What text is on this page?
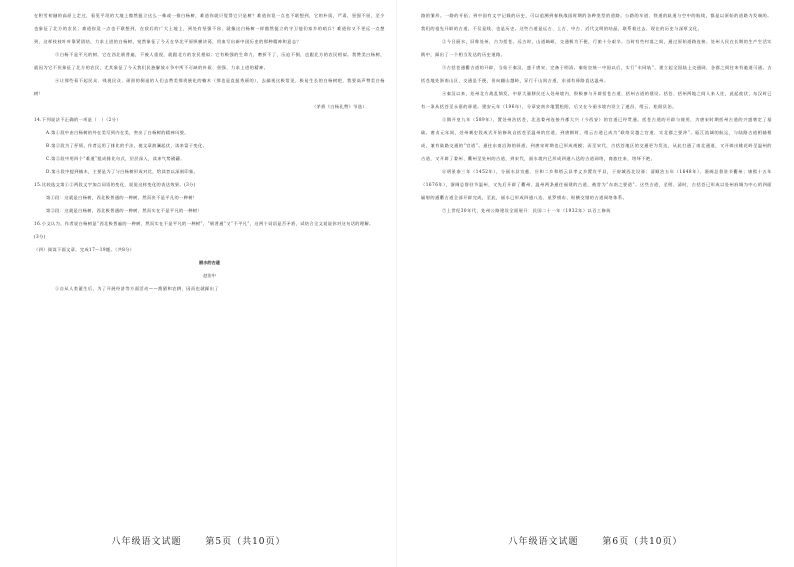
在积雪初融的高原上走过，看见平坦的大地上傲然挺立这么一株或一排白杨树，难道你就只觉得它只是树？难道你竟一点也不联想到，它的朴质，严肃，坚强不屈，至少也象征了北方的农民；难道你竟一点也不联想到，在敌后的广大土地上，到处有坚强不屈，就像这白杨树一样傲然挺立的守卫他们家乡的哨兵？难道你又不更远一点想到，这样枝枝叶叶靠紧团结，力求上进的白杨树，宛然象征了今天在华北平原纵横决荡，用血写出新中国历史的那种精神和意志？

③白杨不是平凡的树。它在西北极普遍，不被人重视，就跟北方的农民相似；它有极强的生命力，磨折不了，压迫不倒，也跟北方的农民相似。我赞美白杨树，就因为它不但象征了北方的农民，尤其象征了今天我们民族解放斗争中所不可缺的朴质、坚强、力求上进的精神。

④让那些看不起民众、贱视民众、顽固的倒退的人们去赞美那贵族化的楠木（那也是直挺秀颀的），去鄙视这极常见、极易生长的白杨树吧，我要高声赞美白杨树！

（茅盾《白杨礼赞》节选）
14.下列说法不正确的一项是（　）（2分）
A.第①段中由白杨树的外在美写到内在美，突出了白杨树的精神风貌。
B.第②段为了抒情，作者运用了排比的手法，使文章波澜起伏，读来富于变化。
C.第②段中用四个“难道”组成排比句式，层层深入，读来气势磅礴。
D.第④段中提到楠木，主要是为了与白杨树形成对比，给读者以深刻印象。
15.比较选文第①②两段文字加点词语的变化，说说这样变化的表达效果。(3分)
第①段：这就是白杨树，西北极普通的一种树，然而决不是平凡的一种树！
第②段：这就是白杨树，西北极普通的一种树，然而实在不是平凡的一种树！
16.小文认为，作者说白杨树是“西北极普遍的一种树，然而实在不是平凡的一种树”，“极普通”又“不平凡”，这两个词语是否矛盾，试结合全文说说你对这句话的理解。
(3分)
（四）阅读下面文章，完成17～19题。（共8分）
丽水的古道
赵治中

①自从人类诞生后，为了开展经济等方面活动——渔猎和农耕，因而也就踩出了

八年级语文试题	第5页（共10页）

路的雏形。一路的开拓，到中国有文字记载的历史，可以追溯到春秋战国时期的各种类型的道路。公路的车道、铁道的轨道与空中的航线，都是以原始的道路为发端的。我们的祖先开辟的古道，不仅是线、也是历史。这些古道是远古、上古、中古、近代文明的结晶，联系着过去、现在的历史与深厚文化。

②今日丽水，旧称处州，古为括苍。远古时，山道崎岖，交通极为不便，行旅十分艰辛。当时有些村落之间，通过原始道路连接。处州人民在长期的生产生活实践中，踩出了一个相当发达的历史道路。

③古括苍通衢古道的开辟，当始于秦汉，盛于唐宋，完备于明清。秦始皇统一中国以后，实行“车同轨”，建立起全国陆上交通网，各郡之间往来有驰道可通。古括苍地处浙南山区，交通虽不便，但向翻山越岭，穿行于山间古道，东部有驿路直达温州。

④秦汉以来，处州北方战乱频发，中原大量移民迁入处州境内，积极参与开辟括苍古道、括州古道的建设。括苍、括州两地之间人来人往，此起彼伏，东汉时已有一条从括苍至永嘉的驿道。建安元年（196年），分章安南乡地置松阳，后又在今丽水境内设立了遂昌、缙云、松阳县治。

⑤隋开皇九年（589年），置处州治括苍，北达婺州连接丹郡大兴（今西安）的官道已经贯通。括苍古道的开辟与使用，为唐宋时期括州古道的兴盛奠定了基础。唐贞元年间，处州刺史段成式开始修筑自括苍至温州的官道，到唐朝时，缙云古道已成为“联络吴越之官道，实北郡之要冲”。瓯江流域的航运，与陆路古道相辅相成，兼有陆路交通的“官道”。通往东南沿海的驿道，到唐宋时期也已形成规模；而至宋代，古括苍地区的交通更为发达，从此打通了南北通道，又开辟出桃花岭至温州的古道，又开辟了婺州、衢州至处州的古道，到宋代，丽水境内已形成四通八达的古道网络，商旅往来，络绎不绝。

⑥明景泰三年（1452年），分丽水县宣慈、应和二乡和缙云县孝义乡置宣平县，于府城西北设驿；清顺治五年（1648年），浙闽总督驻节衢州；康熙十五年（1676年），浙闽总督驻节温州，又先后开辟了衢州、温州两条通往福建的古道，被誉为“东南之要道”。这些古道，至明、清时，古括苍已形成以处州府城为中心的四面辐射的通衢古道全部开辟完成，至此，丽水已形成四通八达、星罗棋布、纵横交错的古道网络体系。

⑦上世纪30年代，处州公路建设全面展开：民国二十一年（1932年）以百工修筑

八年级语文试题	第6页（共10页）
